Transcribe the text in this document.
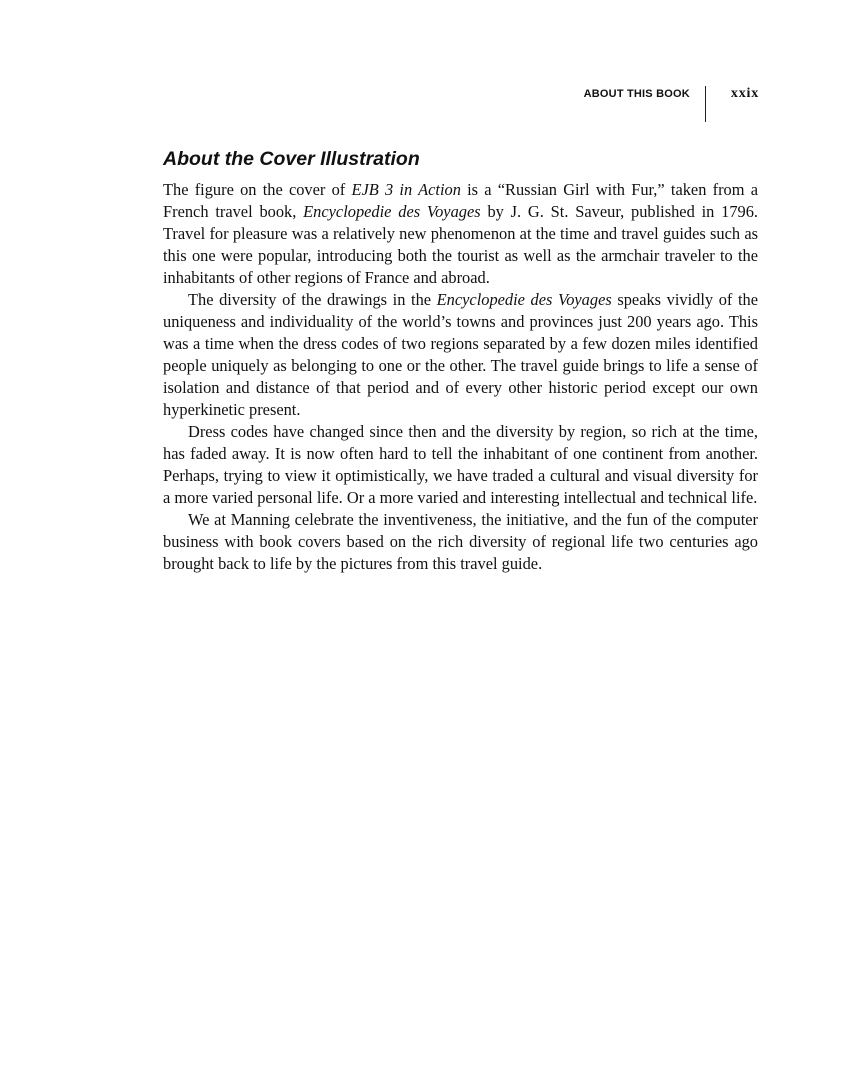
ABOUT THIS BOOK	xxix
About the Cover Illustration

The figure on the cover of EJB 3 in Action is a “Russian Girl with Fur,” taken from a French travel book, Encyclopedie des Voyages by J. G. St. Saveur, published in 1796. Travel for pleasure was a relatively new phenomenon at the time and travel guides such as this one were popular, introducing both the tourist as well as the armchair traveler to the inhabitants of other regions of France and abroad.

The diversity of the drawings in the Encyclopedie des Voyages speaks vividly of the uniqueness and individuality of the world’s towns and provinces just 200 years ago. This was a time when the dress codes of two regions separated by a few dozen miles identified people uniquely as belonging to one or the other. The travel guide brings to life a sense of isolation and distance of that period and of every other historic period except our own hyperkinetic present.

Dress codes have changed since then and the diversity by region, so rich at the time, has faded away. It is now often hard to tell the inhabitant of one continent from another. Perhaps, trying to view it optimistically, we have traded a cultural and visual diversity for a more varied personal life. Or a more varied and interesting intellectual and technical life.

We at Manning celebrate the inventiveness, the initiative, and the fun of the computer business with book covers based on the rich diversity of regional life two centuries ago brought back to life by the pictures from this travel guide.
